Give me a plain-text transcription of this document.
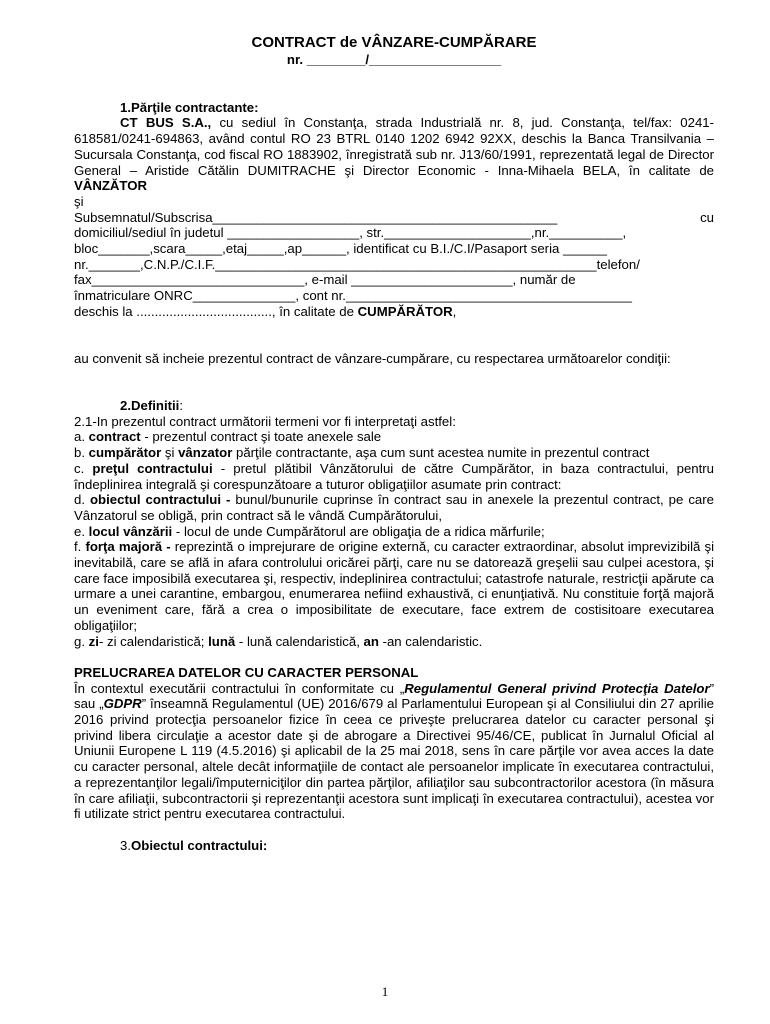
CONTRACT de VÂNZARE-CUMPĂRARE

nr. ________/__________________

1.Părţile contractante:

CT BUS S.A., cu sediul în Constanţa, strada Industrială nr. 8, jud. Constanţa, tel/fax: 0241-618581/0241-694863, având contul RO 23 BTRL 0140 1202 6942 92XX, deschis la Banca Transilvania – Sucursala Constanţa, cod fiscal RO 1883902, înregistrată sub nr. J13/60/1991, reprezentată legal de Director General – Aristide Cătălin DUMITRACHE şi Director Economic - Inna-Mihaela BELA, în calitate de VÂNZĂTOR

şi

Subsemnatul/Subscrisa_______________________________________________	cu
domiciliul/sediul în judetul __________________, str.____________________,nr.__________,
bloc_______,scara_____,etaj_____,ap______, identificat cu B.I./C.I/Pasaport seria ______
nr._______,C.N.P./C.I.F.____________________________________________________telefon/
fax_____________________________, e-mail ______________________, număr de
înmatriculare ONRC______________, cont nr._______________________________________

deschis la ....................................., în calitate de CUMPĂRĂTOR,

au convenit să incheie prezentul contract de vânzare-cumpărare, cu respectarea următoarelor condiţii:

2.Definitii:

2.1-In prezentul contract următorii termeni vor fi interpretaţi astfel:

a. contract - prezentul contract şi toate anexele sale

b. cumpărător şi vânzator părţile contractante, aşa cum sunt acestea numite in prezentul contract

c. preţul contractului - pretul plătibil Vânzătorului de către Cumpărător, in baza contractului, pentru îndeplinirea integrală şi corespunzătoare a tuturor obligaţiilor asumate prin contract:

d. obiectul contractului - bunul/bunurile cuprinse în contract sau in anexele la prezentul contract, pe care Vânzatorul se obligă, prin contract să le vândă Cumpărătorului,

e. locul vânzării - locul de unde Cumpărătorul are obligaţia de a ridica mărfurile;

f. forţa majoră - reprezintă o imprejurare de origine externă, cu caracter extraordinar, absolut imprevizibilă şi inevitabilă, care se află in afara controlului oricărei părţi, care nu se datorează greşelii sau culpei acestora, şi care face imposibilă executarea şi, respectiv, indeplinirea contractului; catastrofe naturale, restricţii apărute ca urmare a unei carantine, embargou, enumerarea nefiind exhaustivă, ci enunţiativă. Nu constituie forţă majoră un eveniment care, fără a crea o imposibilitate de executare, face extrem de costisitoare executarea obligaţiilor;

g. zi- zi calendaristică; lună - lună calendaristică, an -an calendaristic.

PRELUCRAREA DATELOR CU CARACTER PERSONAL

În contextul executării contractului în conformitate cu „Regulamentul General privind Protecţia Datelor” sau „GDPR” înseamnă Regulamentul (UE) 2016/679 al Parlamentului European şi al Consiliului din 27 aprilie 2016 privind protecţia persoanelor fizice în ceea ce priveşte prelucrarea datelor cu caracter personal şi privind libera circulaţie a acestor date şi de abrogare a Directivei 95/46/CE, publicat în Jurnalul Oficial al Uniunii Europene L 119 (4.5.2016) şi aplicabil de la 25 mai 2018, sens în care părţile vor avea acces la date cu caracter personal, altele decât informaţiile de contact ale persoanelor implicate în executarea contractului, a reprezentanţilor legali/împuterniciţilor din partea părţilor, afiliaţilor sau subcontractorilor acestora (în măsura în care afiliaţii, subcontractorii şi reprezentanţii acestora sunt implicaţi în executarea contractului), acestea vor fi utilizate strict pentru executarea contractului.

3.Obiectul contractului:

1
